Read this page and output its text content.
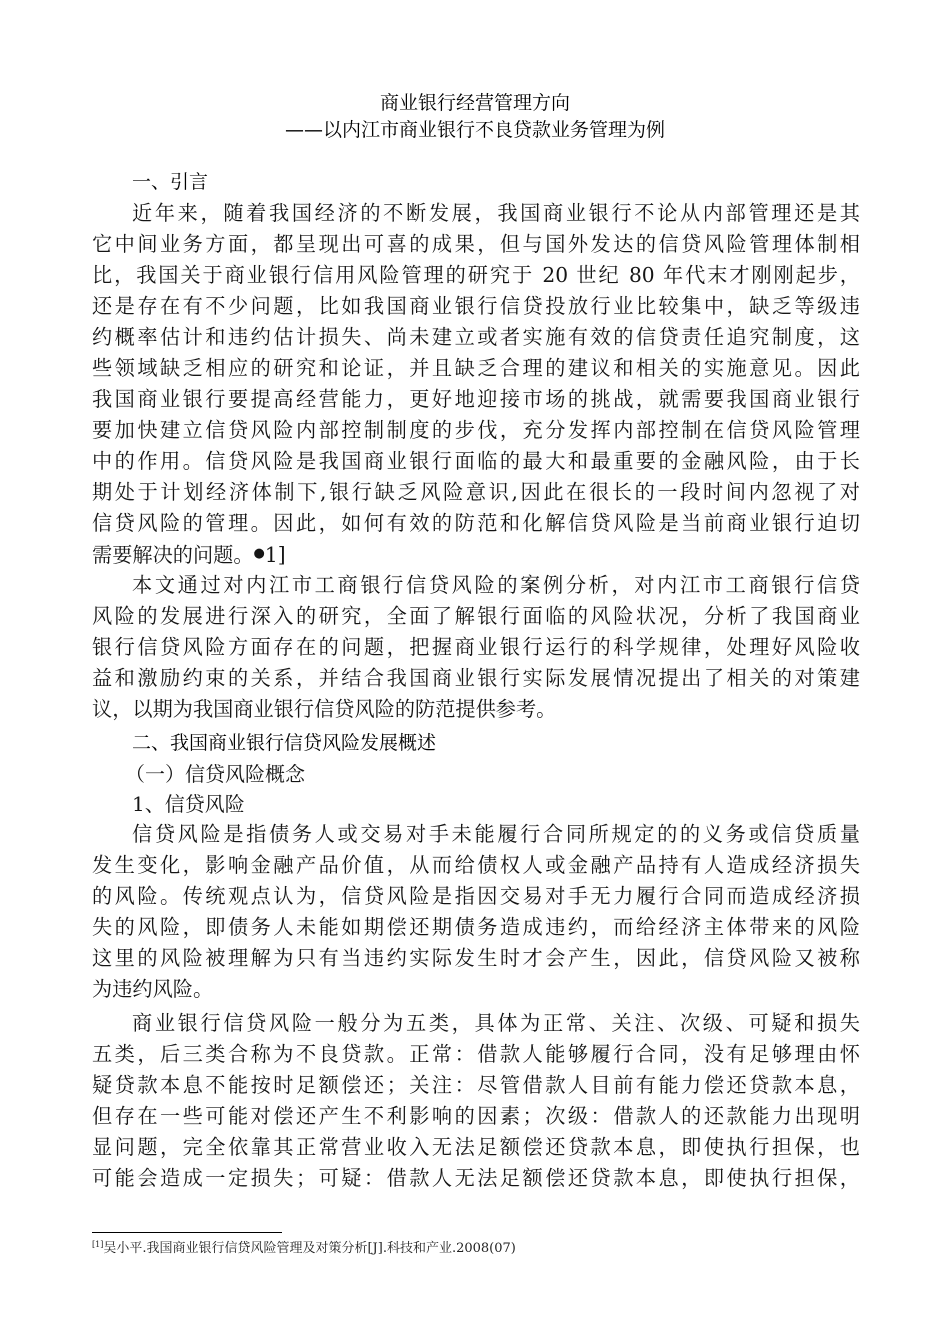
商业银行经营管理方向
——以内江市商业银行不良贷款业务管理为例
一、引言
近年来，随着我国经济的不断发展，我国商业银行不论从内部管理还是其
它中间业务方面，都呈现出可喜的成果，但与国外发达的信贷风险管理体制相
比，我国关于商业银行信用风险管理的研究于 20 世纪 80 年代末才刚刚起步，
还是存在有不少问题，比如我国商业银行信贷投放行业比较集中，缺乏等级违
约概率估计和违约估计损失、尚未建立或者实施有效的信贷责任追究制度，这
些领域缺乏相应的研究和论证，并且缺乏合理的建议和相关的实施意见。因此
我国商业银行要提高经营能力，更好地迎接市场的挑战，就需要我国商业银行
要加快建立信贷风险内部控制制度的步伐，充分发挥内部控制在信贷风险管理
中的作用。信贷风险是我国商业银行面临的最大和最重要的金融风险，由于长
期处于计划经济体制下,银行缺乏风险意识,因此在很长的一段时间内忽视了对
信贷风险的管理。因此，如何有效的防范和化解信贷风险是当前商业银行迫切
需要解决的问题。●1]
本文通过对内江市工商银行信贷风险的案例分析，对内江市工商银行信贷
风险的发展进行深入的研究，全面了解银行面临的风险状况，分析了我国商业
银行信贷风险方面存在的问题，把握商业银行运行的科学规律，处理好风险收
益和激励约束的关系，并结合我国商业银行实际发展情况提出了相关的对策建
议，以期为我国商业银行信贷风险的防范提供参考。
二、我国商业银行信贷风险发展概述
（一）信贷风险概念
1、信贷风险
信贷风险是指债务人或交易对手未能履行合同所规定的的义务或信贷质量
发生变化，影响金融产品价值，从而给债权人或金融产品持有人造成经济损失
的风险。传统观点认为，信贷风险是指因交易对手无力履行合同而造成经济损
失的风险，即债务人未能如期偿还期债务造成违约，而给经济主体带来的风险
这里的风险被理解为只有当违约实际发生时才会产生，因此，信贷风险又被称
为违约风险。
商业银行信贷风险一般分为五类，具体为正常、关注、次级、可疑和损失
五类，后三类合称为不良贷款。正常：借款人能够履行合同，没有足够理由怀
疑贷款本息不能按时足额偿还；关注：尽管借款人目前有能力偿还贷款本息，
但存在一些可能对偿还产生不利影响的因素；次级：借款人的还款能力出现明
显问题，完全依靠其正常营业收入无法足额偿还贷款本息，即使执行担保，也
可能会造成一定损失；可疑：借款人无法足额偿还贷款本息，即使执行担保，
[1]吴小平.我国商业银行信贷风险管理及对策分析[J].科技和产业.2008(07)
